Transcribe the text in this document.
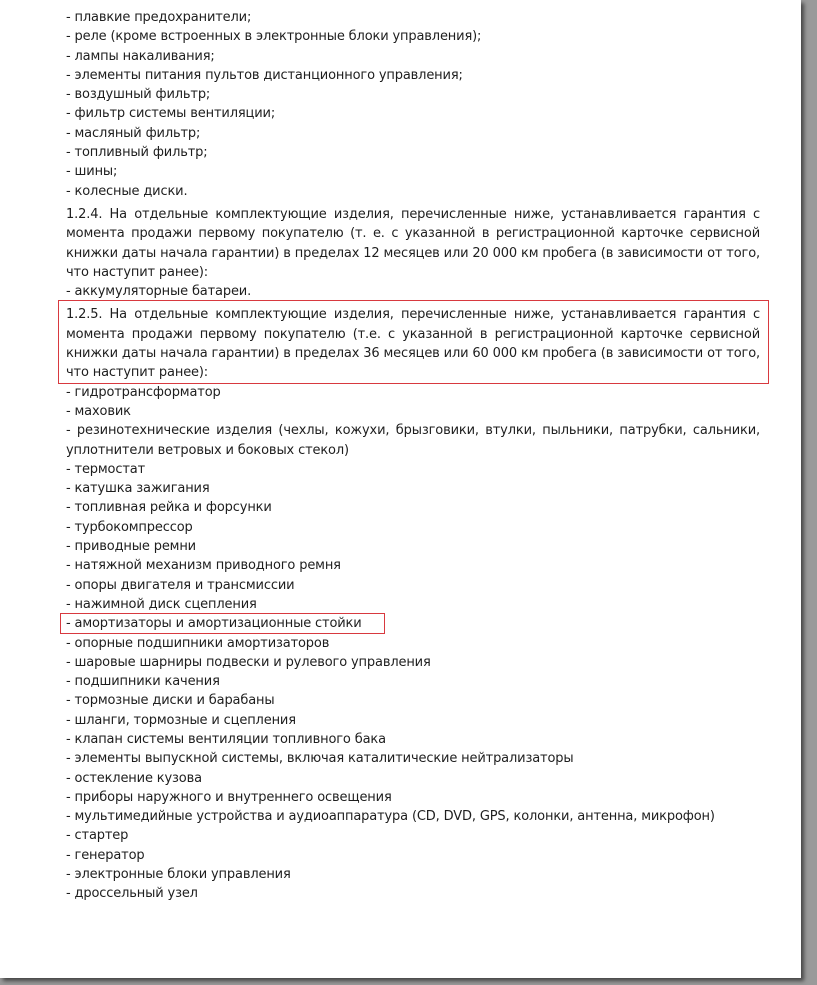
- плавкие предохранители;
- реле (кроме встроенных в электронные блоки управления);
- лампы накаливания;
- элементы питания пультов дистанционного управления;
- воздушный фильтр;
- фильтр системы вентиляции;
- масляный фильтр;
- топливный фильтр;
- шины;
- колесные диски.
1.2.4. На отдельные комплектующие изделия, перечисленные ниже, устанавливается гарантия с
момента продажи первому покупателю (т. е. с указанной в регистрационной карточке сервисной
книжки даты начала гарантии) в пределах 12 месяцев или 20 000 км пробега (в зависимости от того,
что наступит ранее):
- аккумуляторные батареи.
1.2.5. На отдельные комплектующие изделия, перечисленные ниже, устанавливается гарантия с
момента продажи первому покупателю (т.е. с указанной в регистрационной карточке сервисной
книжки даты начала гарантии) в пределах 36 месяцев или 60 000 км пробега (в зависимости от того,
что наступит ранее):
- гидротрансформатор
- маховик
- резинотехнические изделия (чехлы, кожухи, брызговики, втулки, пыльники, патрубки, сальники,
уплотнители ветровых и боковых стекол)
- термостат
- катушка зажигания
- топливная рейка и форсунки
- турбокомпрессор
- приводные ремни
- натяжной механизм приводного ремня
- опоры двигателя и трансмиссии
- нажимной диск сцепления
- амортизаторы и амортизационные стойки
- опорные подшипники амортизаторов
- шаровые шарниры подвески и рулевого управления
- подшипники качения
- тормозные диски и барабаны
- шланги, тормозные и сцепления
- клапан системы вентиляции топливного бака
- элементы выпускной системы, включая каталитические нейтрализаторы
- остекление кузова
- приборы наружного и внутреннего освещения
- мультимедийные устройства и аудиоаппаратура (CD, DVD, GPS, колонки, антенна, микрофон)
- стартер
- генератор
- электронные блоки управления
- дроссельный узел
